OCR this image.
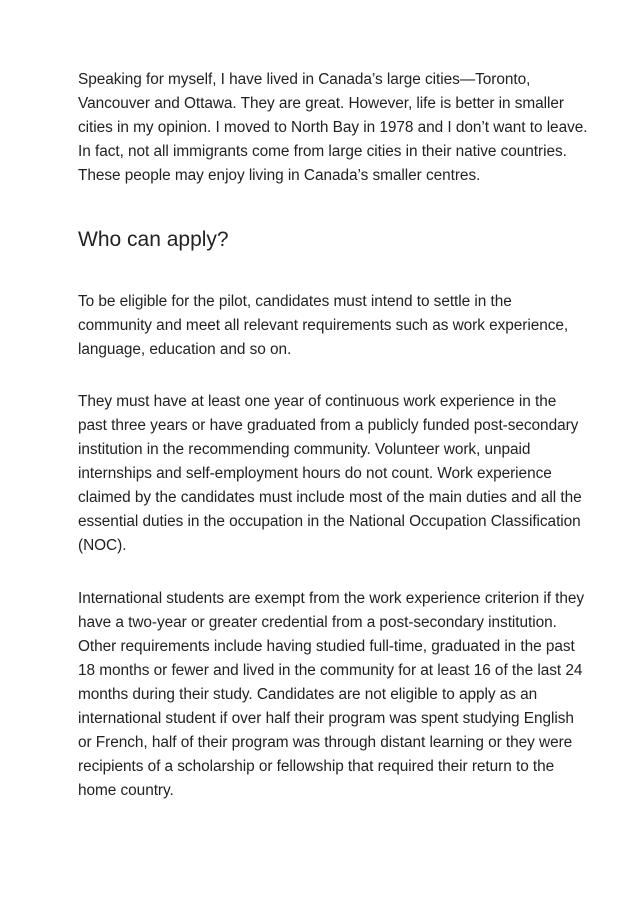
Speaking for myself, I have lived in Canada’s large cities—Toronto,
Vancouver and Ottawa. They are great. However, life is better in smaller
cities in my opinion. I moved to North Bay in 1978 and I don’t want to leave.
In fact, not all immigrants come from large cities in their native countries.
These people may enjoy living in Canada’s smaller centres.
Who can apply?
To be eligible for the pilot, candidates must intend to settle in the
community and meet all relevant requirements such as work experience,
language, education and so on.
They must have at least one year of continuous work experience in the
past three years or have graduated from a publicly funded post-secondary
institution in the recommending community. Volunteer work, unpaid
internships and self-employment hours do not count. Work experience
claimed by the candidates must include most of the main duties and all the
essential duties in the occupation in the National Occupation Classification
(NOC).
International students are exempt from the work experience criterion if they
have a two-year or greater credential from a post-secondary institution.
Other requirements include having studied full-time, graduated in the past
18 months or fewer and lived in the community for at least 16 of the last 24
months during their study. Candidates are not eligible to apply as an
international student if over half their program was spent studying English
or French, half of their program was through distant learning or they were
recipients of a scholarship or fellowship that required their return to the
home country.
